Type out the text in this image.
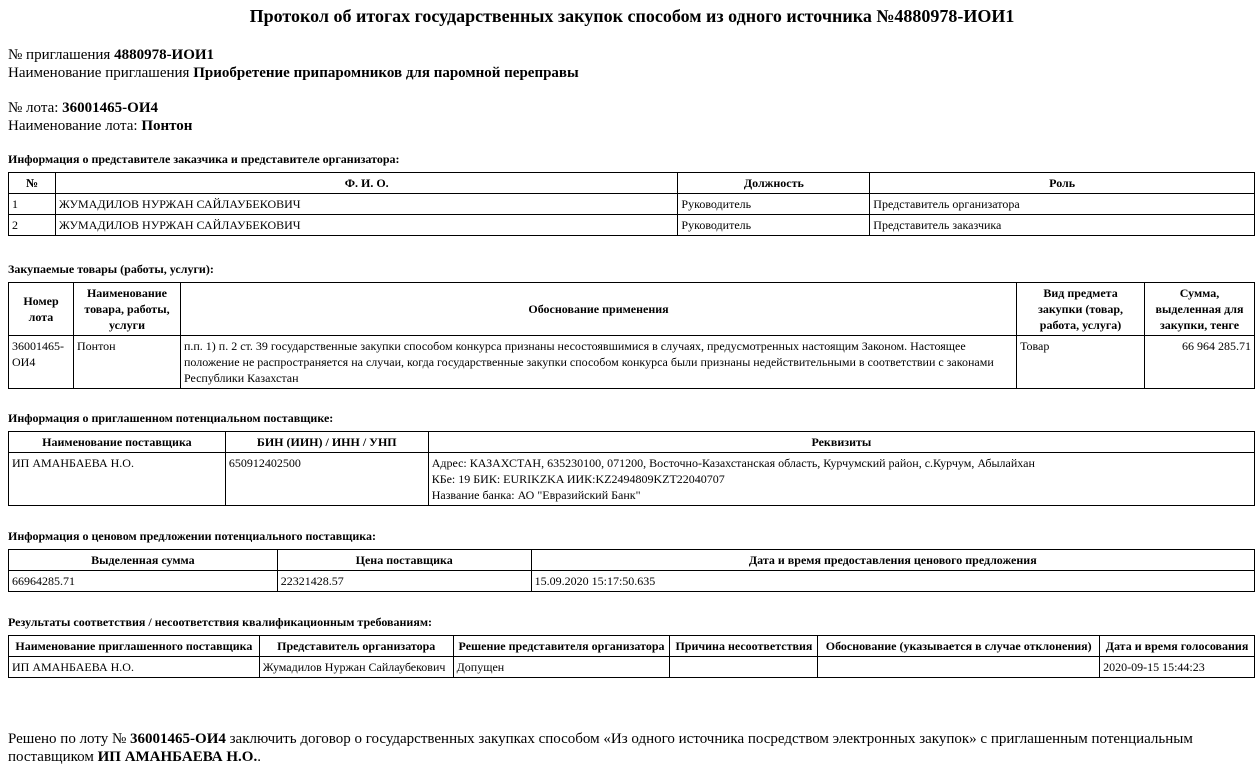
Протокол об итогах государственных закупок способом из одного источника №4880978-ИОИ1
№ приглашения 4880978-ИОИ1
Наименование приглашения Приобретение припаромников для паромной переправы
№ лота: 36001465-ОИ4
Наименование лота: Понтон
Информация о представителе заказчика и представителе организатора:
№	Ф. И. О.	Должность	Роль
1	ЖУМАДИЛОВ НУРЖАН САЙЛАУБЕКОВИЧ	Руководитель	Представитель организатора
2	ЖУМАДИЛОВ НУРЖАН САЙЛАУБЕКОВИЧ	Руководитель	Представитель заказчика
Закупаемые товары (работы, услуги):
Номер лота	Наименование товара, работы, услуги	Обоснование применения	Вид предмета закупки (товар, работа, услуга)	Сумма, выделенная для закупки, тенге
36001465-ОИ4	Понтон	п.п. 1) п. 2 ст. 39 государственные закупки способом конкурса признаны несостоявшимися в случаях, предусмотренных настоящим Законом. Настоящее положение не распространяется на случаи, когда государственные закупки способом конкурса были признаны недействительными в соответствии с законами Республики Казахстан	Товар	66 964 285.71
Информация о приглашенном потенциальном поставщике:
Наименование поставщика	БИН (ИИН) / ИНН / УНП	Реквизиты
ИП АМАНБАЕВА Н.О.	650912402500	Адрес: КАЗАХСТАН, 635230100, 071200, Восточно-Казахстанская область, Курчумский район, с.Курчум, Абылайхан
КБе: 19 БИК: EURIKZKA ИИК:KZ2494809KZT22040707
Название банка: АО "Евразийский Банк"
Информация о ценовом предложении потенциального поставщика:
Выделенная сумма	Цена поставщика	Дата и время предоставления ценового предложения
66964285.71	22321428.57	15.09.2020 15:17:50.635
Результаты соответствия / несоответствия квалификационным требованиям:
Наименование приглашенного поставщика	Представитель организатора	Решение представителя организатора	Причина несоответствия	Обоснование (указывается в случае отклонения)	Дата и время голосования
ИП АМАНБАЕВА Н.О.	Жумадилов Нуржан Сайлаубекович	Допущен			2020-09-15 15:44:23
Решено по лоту № 36001465-ОИ4 заключить договор о государственных закупках способом «Из одного источника посредством электронных закупок» с приглашенным потенциальным поставщиком ИП АМАНБАЕВА Н.О..
